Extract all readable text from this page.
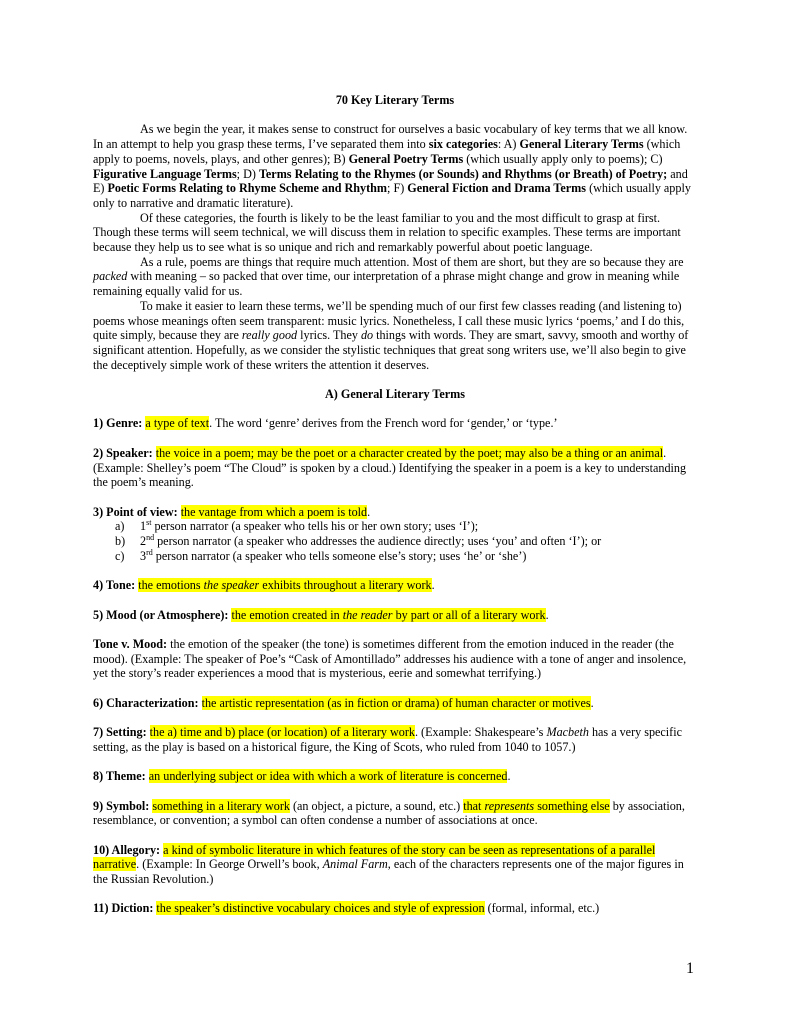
70 Key Literary Terms

As we begin the year, it makes sense to construct for ourselves a basic vocabulary of key terms that we all know. In an attempt to help you grasp these terms, I’ve separated them into six categories: A) General Literary Terms (which apply to poems, novels, plays, and other genres); B) General Poetry Terms (which usually apply only to poems); C) Figurative Language Terms; D) Terms Relating to the Rhymes (or Sounds) and Rhythms (or Breath) of Poetry; and E) Poetic Forms Relating to Rhyme Scheme and Rhythm; F) General Fiction and Drama Terms (which usually apply only to narrative and dramatic literature).

Of these categories, the fourth is likely to be the least familiar to you and the most difficult to grasp at first. Though these terms will seem technical, we will discuss them in relation to specific examples. These terms are important because they help us to see what is so unique and rich and remarkably powerful about poetic language.

As a rule, poems are things that require much attention. Most of them are short, but they are so because they are packed with meaning – so packed that over time, our interpretation of a phrase might change and grow in meaning while remaining equally valid for us.

To make it easier to learn these terms, we’ll be spending much of our first few classes reading (and listening to) poems whose meanings often seem transparent: music lyrics. Nonetheless, I call these music lyrics ‘poems,’ and I do this, quite simply, because they are really good lyrics. They do things with words. They are smart, savvy, smooth and worthy of significant attention. Hopefully, as we consider the stylistic techniques that great song writers use, we’ll also begin to give the deceptively simple work of these writers the attention it deserves.

A) General Literary Terms

1) Genre: a type of text. The word ‘genre’ derives from the French word for ‘gender,’ or ‘type.’

2) Speaker: the voice in a poem; may be the poet or a character created by the poet; may also be a thing or an animal. (Example: Shelley’s poem “The Cloud” is spoken by a cloud.) Identifying the speaker in a poem is a key to understanding the poem’s meaning.

3) Point of view: the vantage from which a poem is told.

a) 1st person narrator (a speaker who tells his or her own story; uses ‘I’);
b) 2nd person narrator (a speaker who addresses the audience directly; uses ‘you’ and often ‘I’); or
c) 3rd person narrator (a speaker who tells someone else’s story; uses ‘he’ or ‘she’)

4) Tone: the emotions the speaker exhibits throughout a literary work.

5) Mood (or Atmosphere): the emotion created in the reader by part or all of a literary work.

Tone v. Mood: the emotion of the speaker (the tone) is sometimes different from the emotion induced in the reader (the mood). (Example: The speaker of Poe’s “Cask of Amontillado” addresses his audience with a tone of anger and insolence, yet the story’s reader experiences a mood that is mysterious, eerie and somewhat terrifying.)

6) Characterization: the artistic representation (as in fiction or drama) of human character or motives.

7) Setting: the a) time and b) place (or location) of a literary work. (Example: Shakespeare’s Macbeth has a very specific setting, as the play is based on a historical figure, the King of Scots, who ruled from 1040 to 1057.)

8) Theme: an underlying subject or idea with which a work of literature is concerned.

9) Symbol: something in a literary work (an object, a picture, a sound, etc.) that represents something else by association, resemblance, or convention; a symbol can often condense a number of associations at once.

10) Allegory: a kind of symbolic literature in which features of the story can be seen as representations of a parallel narrative. (Example: In George Orwell’s book, Animal Farm, each of the characters represents one of the major figures in the Russian Revolution.)

11) Diction: the speaker’s distinctive vocabulary choices and style of expression (formal, informal, etc.)

1
